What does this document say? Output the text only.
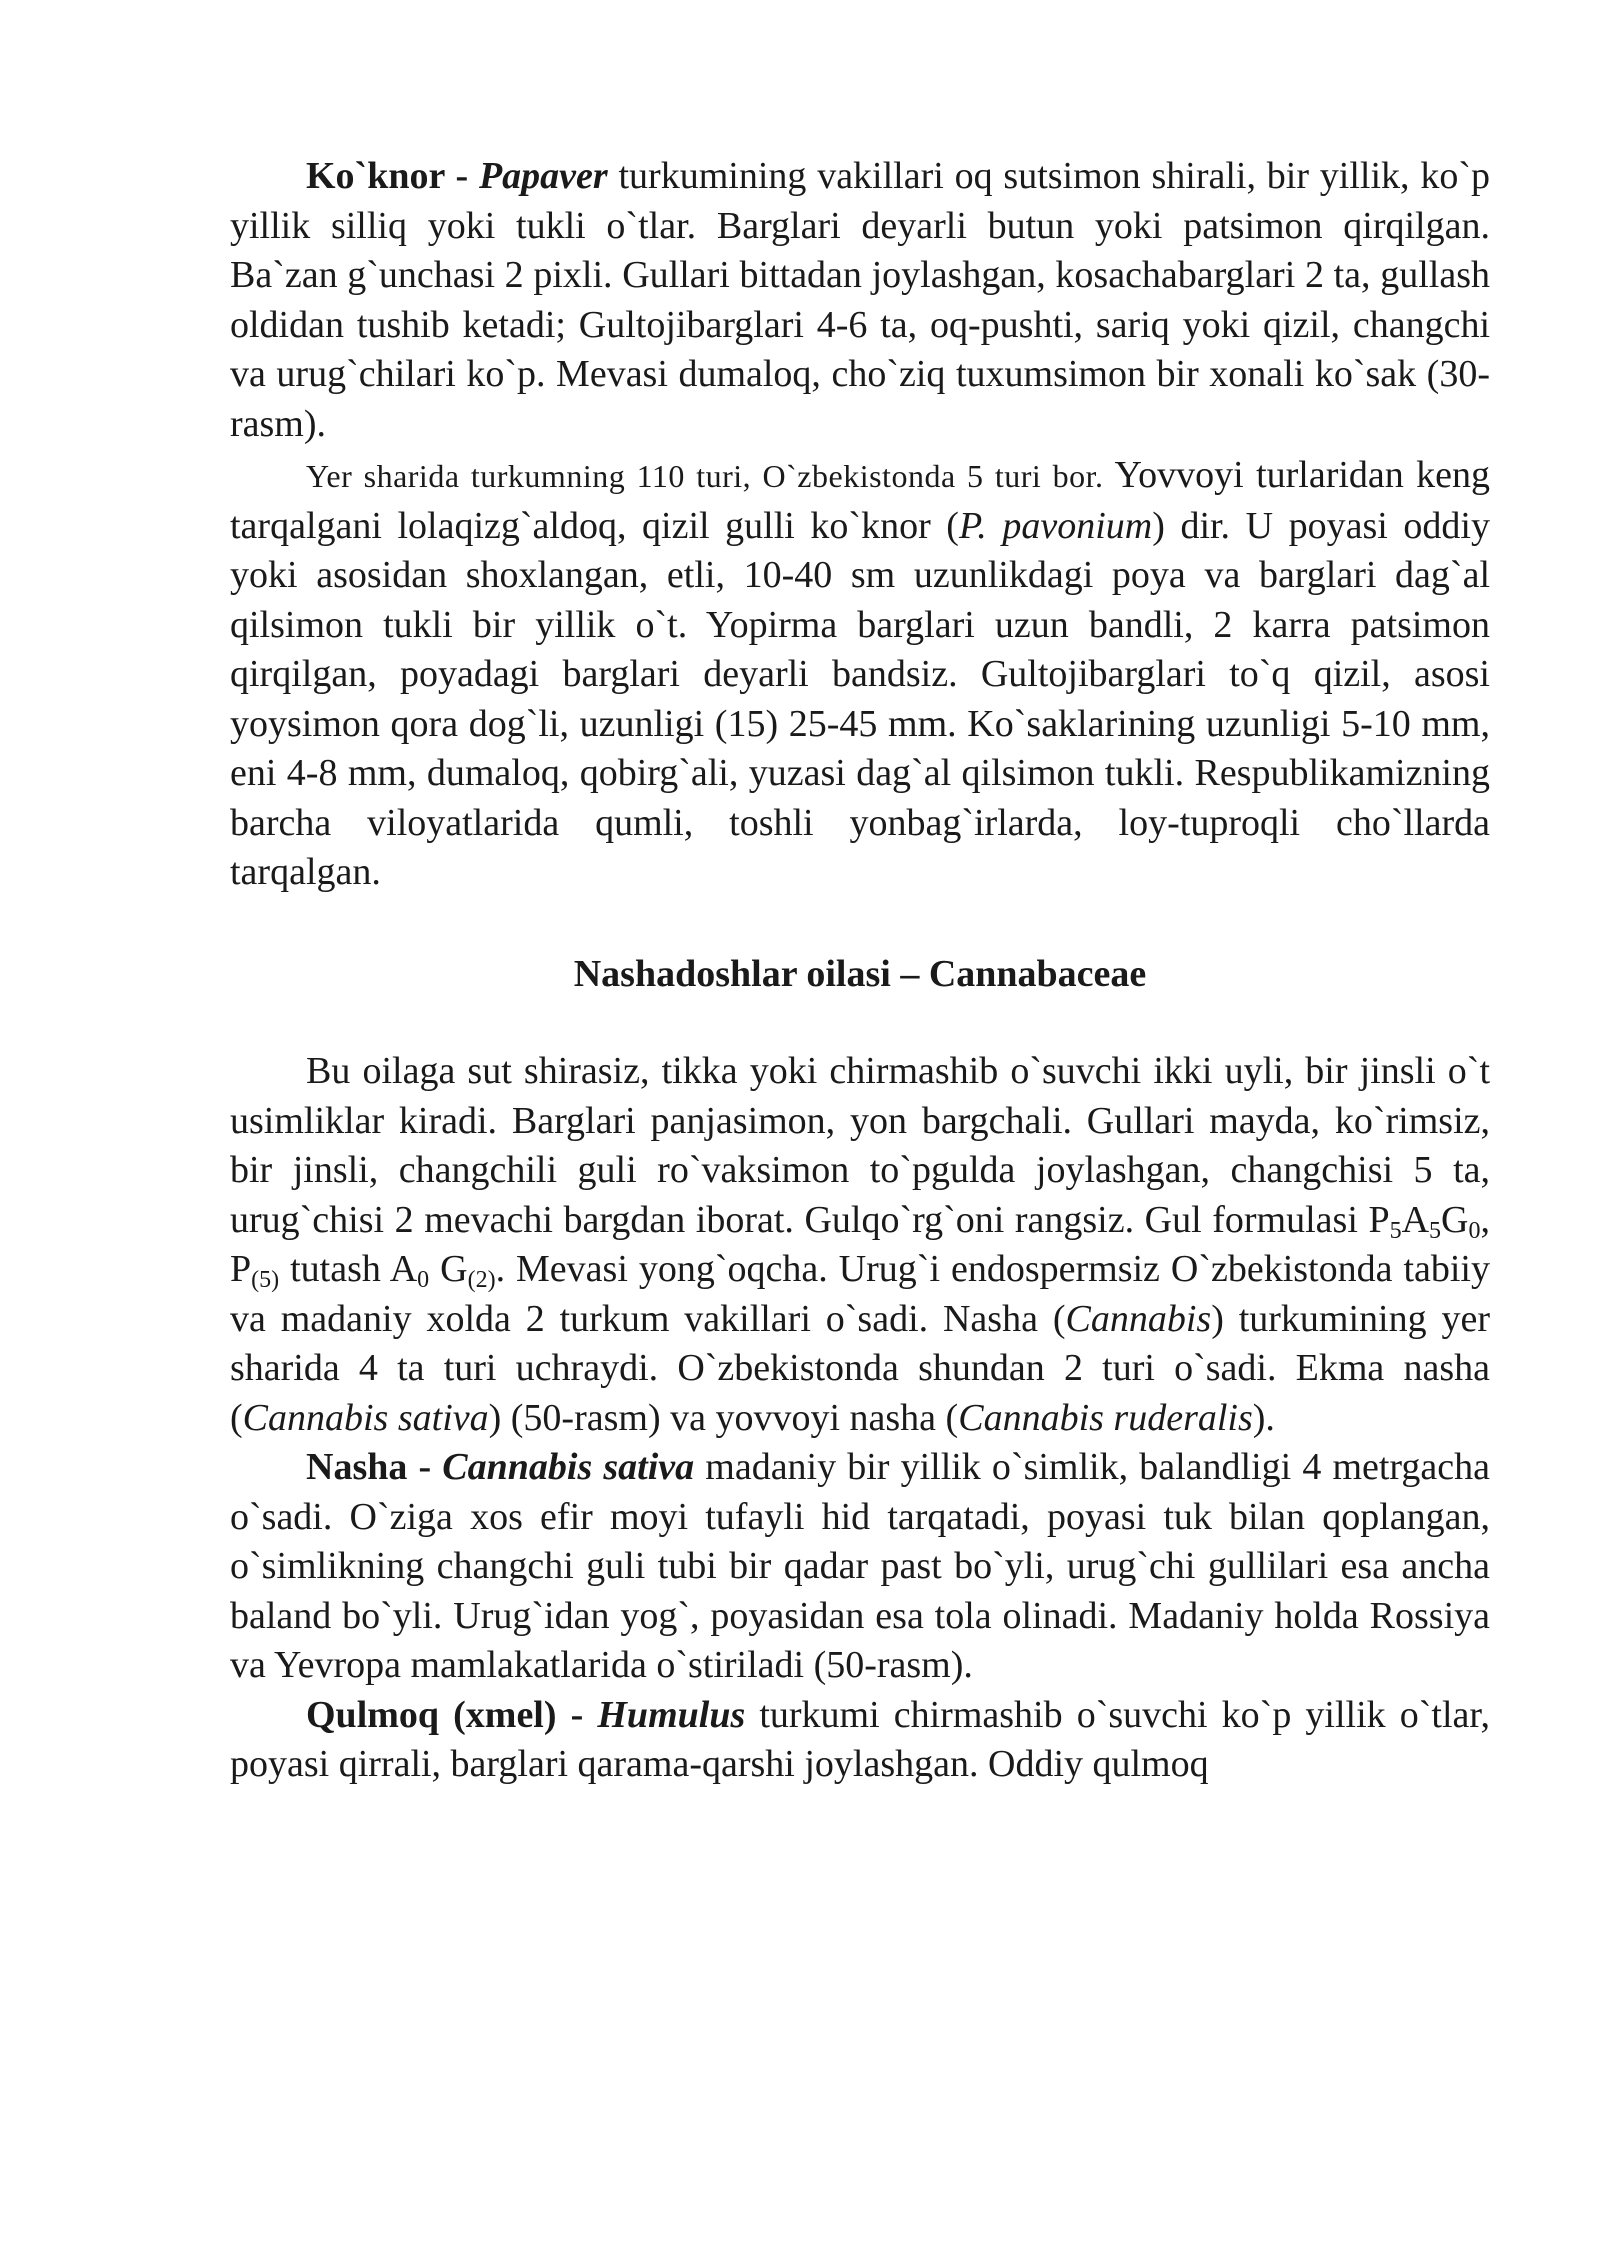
Ko`knor - Papaver turkumining vakillari oq sutsimon shirali, bir yillik, ko`p yillik silliq yoki tukli o`tlar. Barglari deyarli butun yoki patsimon qirqilgan. Ba`zan g`unchasi 2 pixli. Gullari bittadan joylashgan, kosachabarglari 2 ta, gullash oldidan tushib ketadi; Gultojibarglari 4-6 ta, oq-pushti, sariq yoki qizil, changchi va urug`chilari ko`p. Mevasi dumaloq, cho`ziq tuxumsimon bir xonali ko`sak (30-rasm).

Yer sharida turkumning 110 turi, O`zbekistonda 5 turi bor. Yovvoyi turlaridan keng tarqalgani lolaqizg`aldoq, qizil gulli ko`knor (P. pavonium) dir. U poyasi oddiy yoki asosidan shoxlangan, etli, 10-40 sm uzunlikdagi poya va barglari dag`al qilsimon tukli bir yillik o`t. Yopirma barglari uzun bandli, 2 karra patsimon qirqilgan, poyadagi barglari deyarli bandsiz. Gultojibarglari to`q qizil, asosi yoysimon qora dog`li, uzunligi (15) 25-45 mm. Ko`saklarining uzunligi 5-10 mm, eni 4-8 mm, dumaloq, qobirg`ali, yuzasi dag`al qilsimon tukli. Respublikamizning barcha viloyatlarida qumli, toshli yonbag`irlarda, loy-tuproqli cho`llarda tarqalgan.

Nashadoshlar oilasi – Cannabaceae

Bu oilaga sut shirasiz, tikka yoki chirmashib o`suvchi ikki uyli, bir jinsli o`t usimliklar kiradi. Barglari panjasimon, yon bargchali. Gullari mayda, ko`rimsiz, bir jinsli, changchili guli ro`vaksimon to`pgulda joylashgan, changchisi 5 ta, urug`chisi 2 mevachi bargdan iborat. Gulqo`rg`oni rangsiz. Gul formulasi $P_5A_5G_0$, $P_{(5)}$ tutash $A_0$ $G_{(2)}$. Mevasi yong`oqcha. Urug`i endospermsiz O`zbekistonda tabiiy va madaniy xolda 2 turkum vakillari o`sadi. Nasha (Cannabis) turkumining yer sharida 4 ta turi uchraydi. O`zbekistonda shundan 2 turi o`sadi. Ekma nasha (Cannabis sativa) (50-rasm) va yovvoyi nasha (Cannabis ruderalis).

Nasha - Cannabis sativa madaniy bir yillik o`simlik, balandligi 4 metrgacha o`sadi. O`ziga xos efir moyi tufayli hid tarqatadi, poyasi tuk bilan qoplangan, o`simlikning changchi guli tubi bir qadar past bo`yli, urug`chi gullilari esa ancha baland bo`yli. Urug`idan yog`, poyasidan esa tola olinadi. Madaniy holda Rossiya va Yevropa mamlakatlarida o`stiriladi (50-rasm).

Qulmoq (xmel) - Humulus turkumi chirmashib o`suvchi ko`p yillik o`tlar, poyasi qirrali, barglari qarama-qarshi joylashgan. Oddiy qulmoq
